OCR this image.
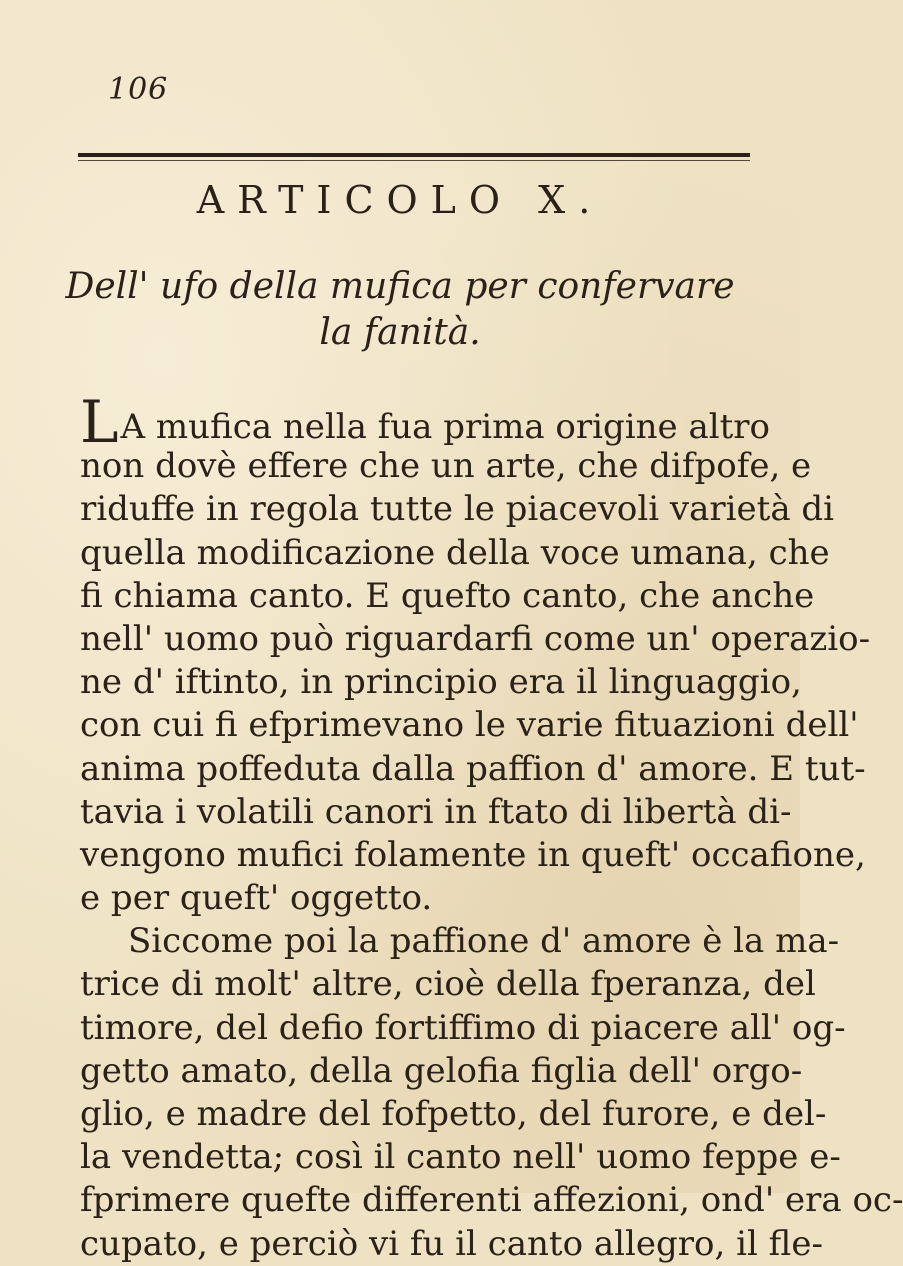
106
ARTICOLO X.
Dell' ufo della mufica per confervare
la fanità.
LA mufica nella fua prima origine altro
non dovè effere che un arte, che difpofe, e
riduffe in regola tutte le piacevoli varietà di
quella modificazione della voce umana, che
fi chiama canto. E quefto canto, che anche
nell' uomo può riguardarfi come un' operazio-
ne d' iftinto, in principio era il linguaggio,
con cui fi efprimevano le varie fituazioni dell'
anima poffeduta dalla paffion d' amore. E tut-
tavia i volatili canori in ftato di libertà di-
vengono mufici folamente in queft' occafione,
e per queft' oggetto.
Siccome poi la paffione d' amore è la ma-
trice di molt' altre, cioè della fperanza, del
timore, del defio fortiffimo di piacere all' og-
getto amato, della gelofia figlia dell' orgo-
glio, e madre del fofpetto, del furore, e del-
la vendetta; così il canto nell' uomo feppe e-
fprimere quefte differenti affezioni, ond' era oc-
cupato, e perciò vi fu il canto allegro, il fle-
